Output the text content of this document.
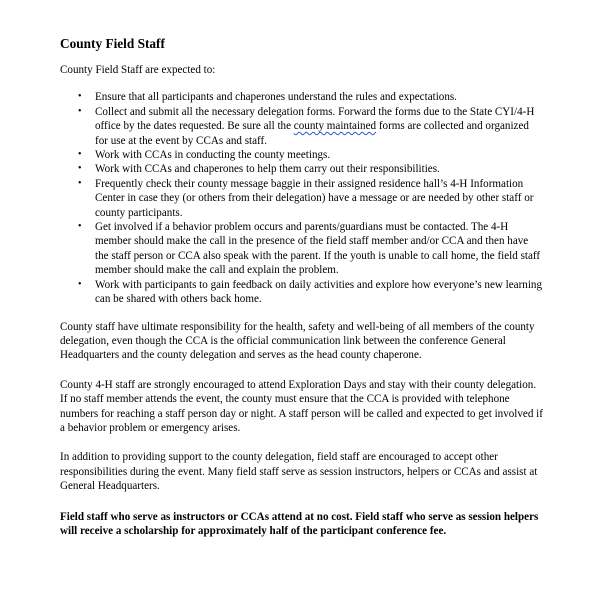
County Field Staff

County Field Staff are expected to:

• Ensure that all participants and chaperones understand the rules and expectations.
• Collect and submit all the necessary delegation forms. Forward the forms due to the State CYI/4-H office by the dates requested. Be sure all the county maintained forms are collected and organized for use at the event by CCAs and staff.
• Work with CCAs in conducting the county meetings.
• Work with CCAs and chaperones to help them carry out their responsibilities.
• Frequently check their county message baggie in their assigned residence hall’s 4-H Information Center in case they (or others from their delegation) have a message or are needed by other staff or county participants.
• Get involved if a behavior problem occurs and parents/guardians must be contacted. The 4-H member should make the call in the presence of the field staff member and/or CCA and then have the staff person or CCA also speak with the parent. If the youth is unable to call home, the field staff member should make the call and explain the problem.
• Work with participants to gain feedback on daily activities and explore how everyone’s new learning can be shared with others back home.

County staff have ultimate responsibility for the health, safety and well-being of all members of the county delegation, even though the CCA is the official communication link between the conference General Headquarters and the county delegation and serves as the head county chaperone.

County 4-H staff are strongly encouraged to attend Exploration Days and stay with their county delegation. If no staff member attends the event, the county must ensure that the CCA is provided with telephone numbers for reaching a staff person day or night. A staff person will be called and expected to get involved if a behavior problem or emergency arises.

In addition to providing support to the county delegation, field staff are encouraged to accept other responsibilities during the event. Many field staff serve as session instructors, helpers or CCAs and assist at General Headquarters.

Field staff who serve as instructors or CCAs attend at no cost. Field staff who serve as session helpers will receive a scholarship for approximately half of the participant conference fee.
